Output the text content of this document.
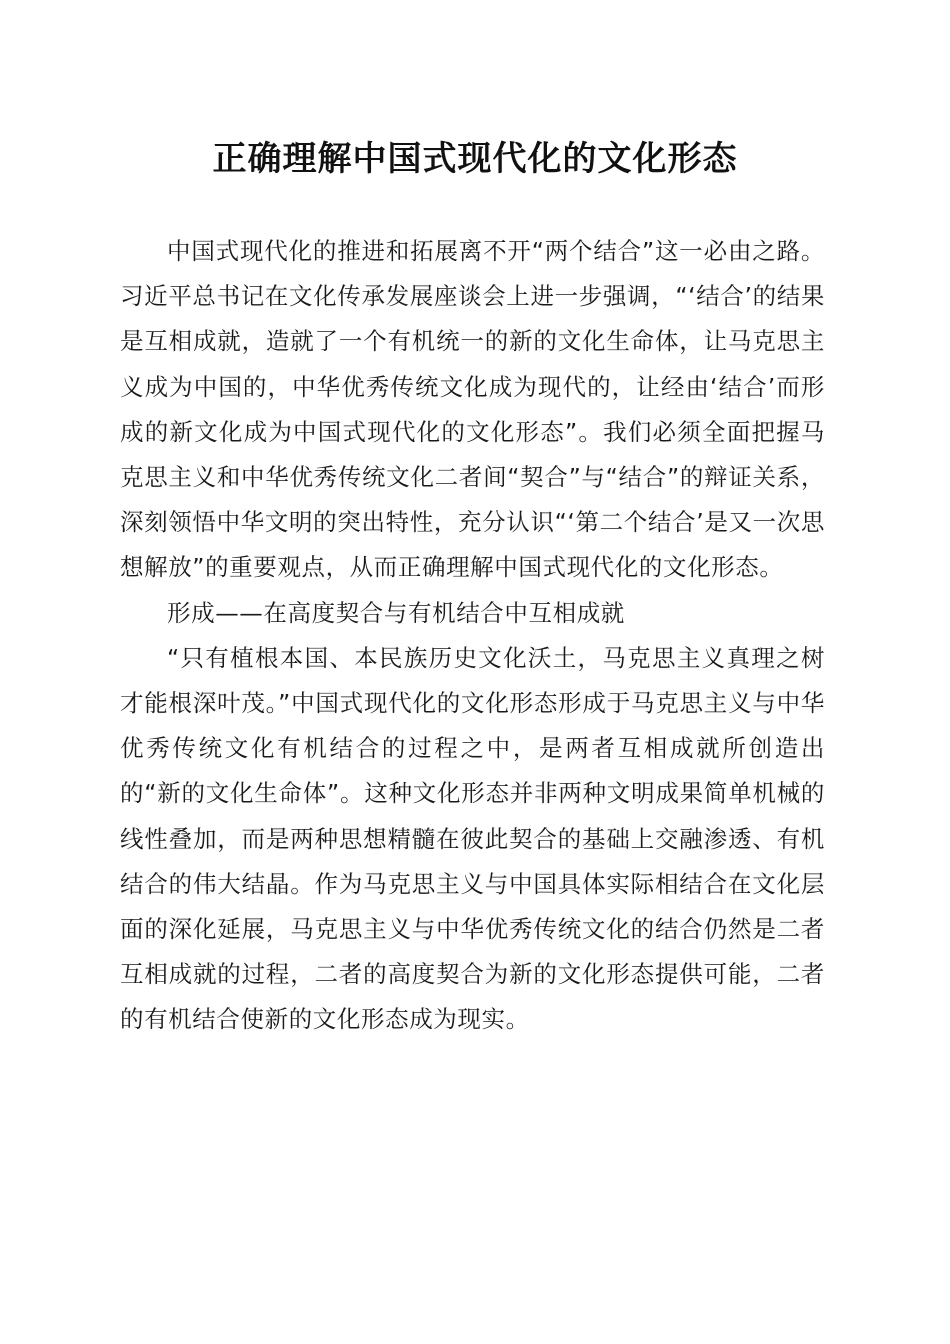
正确理解中国式现代化的文化形态

中国式现代化的推进和拓展离不开“两个结合”这一必由之路。习近平总书记在文化传承发展座谈会上进一步强调，“‘结合’的结果是互相成就，造就了一个有机统一的新的文化生命体，让马克思主义成为中国的，中华优秀传统文化成为现代的，让经由‘结合’而形成的新文化成为中国式现代化的文化形态”。我们必须全面把握马克思主义和中华优秀传统文化二者间“契合”与“结合”的辩证关系，深刻领悟中华文明的突出特性，充分认识“‘第二个结合’是又一次思想解放”的重要观点，从而正确理解中国式现代化的文化形态。

形成——在高度契合与有机结合中互相成就

“只有植根本国、本民族历史文化沃土，马克思主义真理之树才能根深叶茂。”中国式现代化的文化形态形成于马克思主义与中华优秀传统文化有机结合的过程之中，是两者互相成就所创造出的“新的文化生命体”。这种文化形态并非两种文明成果简单机械的线性叠加，而是两种思想精髓在彼此契合的基础上交融渗透、有机结合的伟大结晶。作为马克思主义与中国具体实际相结合在文化层面的深化延展，马克思主义与中华优秀传统文化的结合仍然是二者互相成就的过程，二者的高度契合为新的文化形态提供可能，二者的有机结合使新的文化形态成为现实。
